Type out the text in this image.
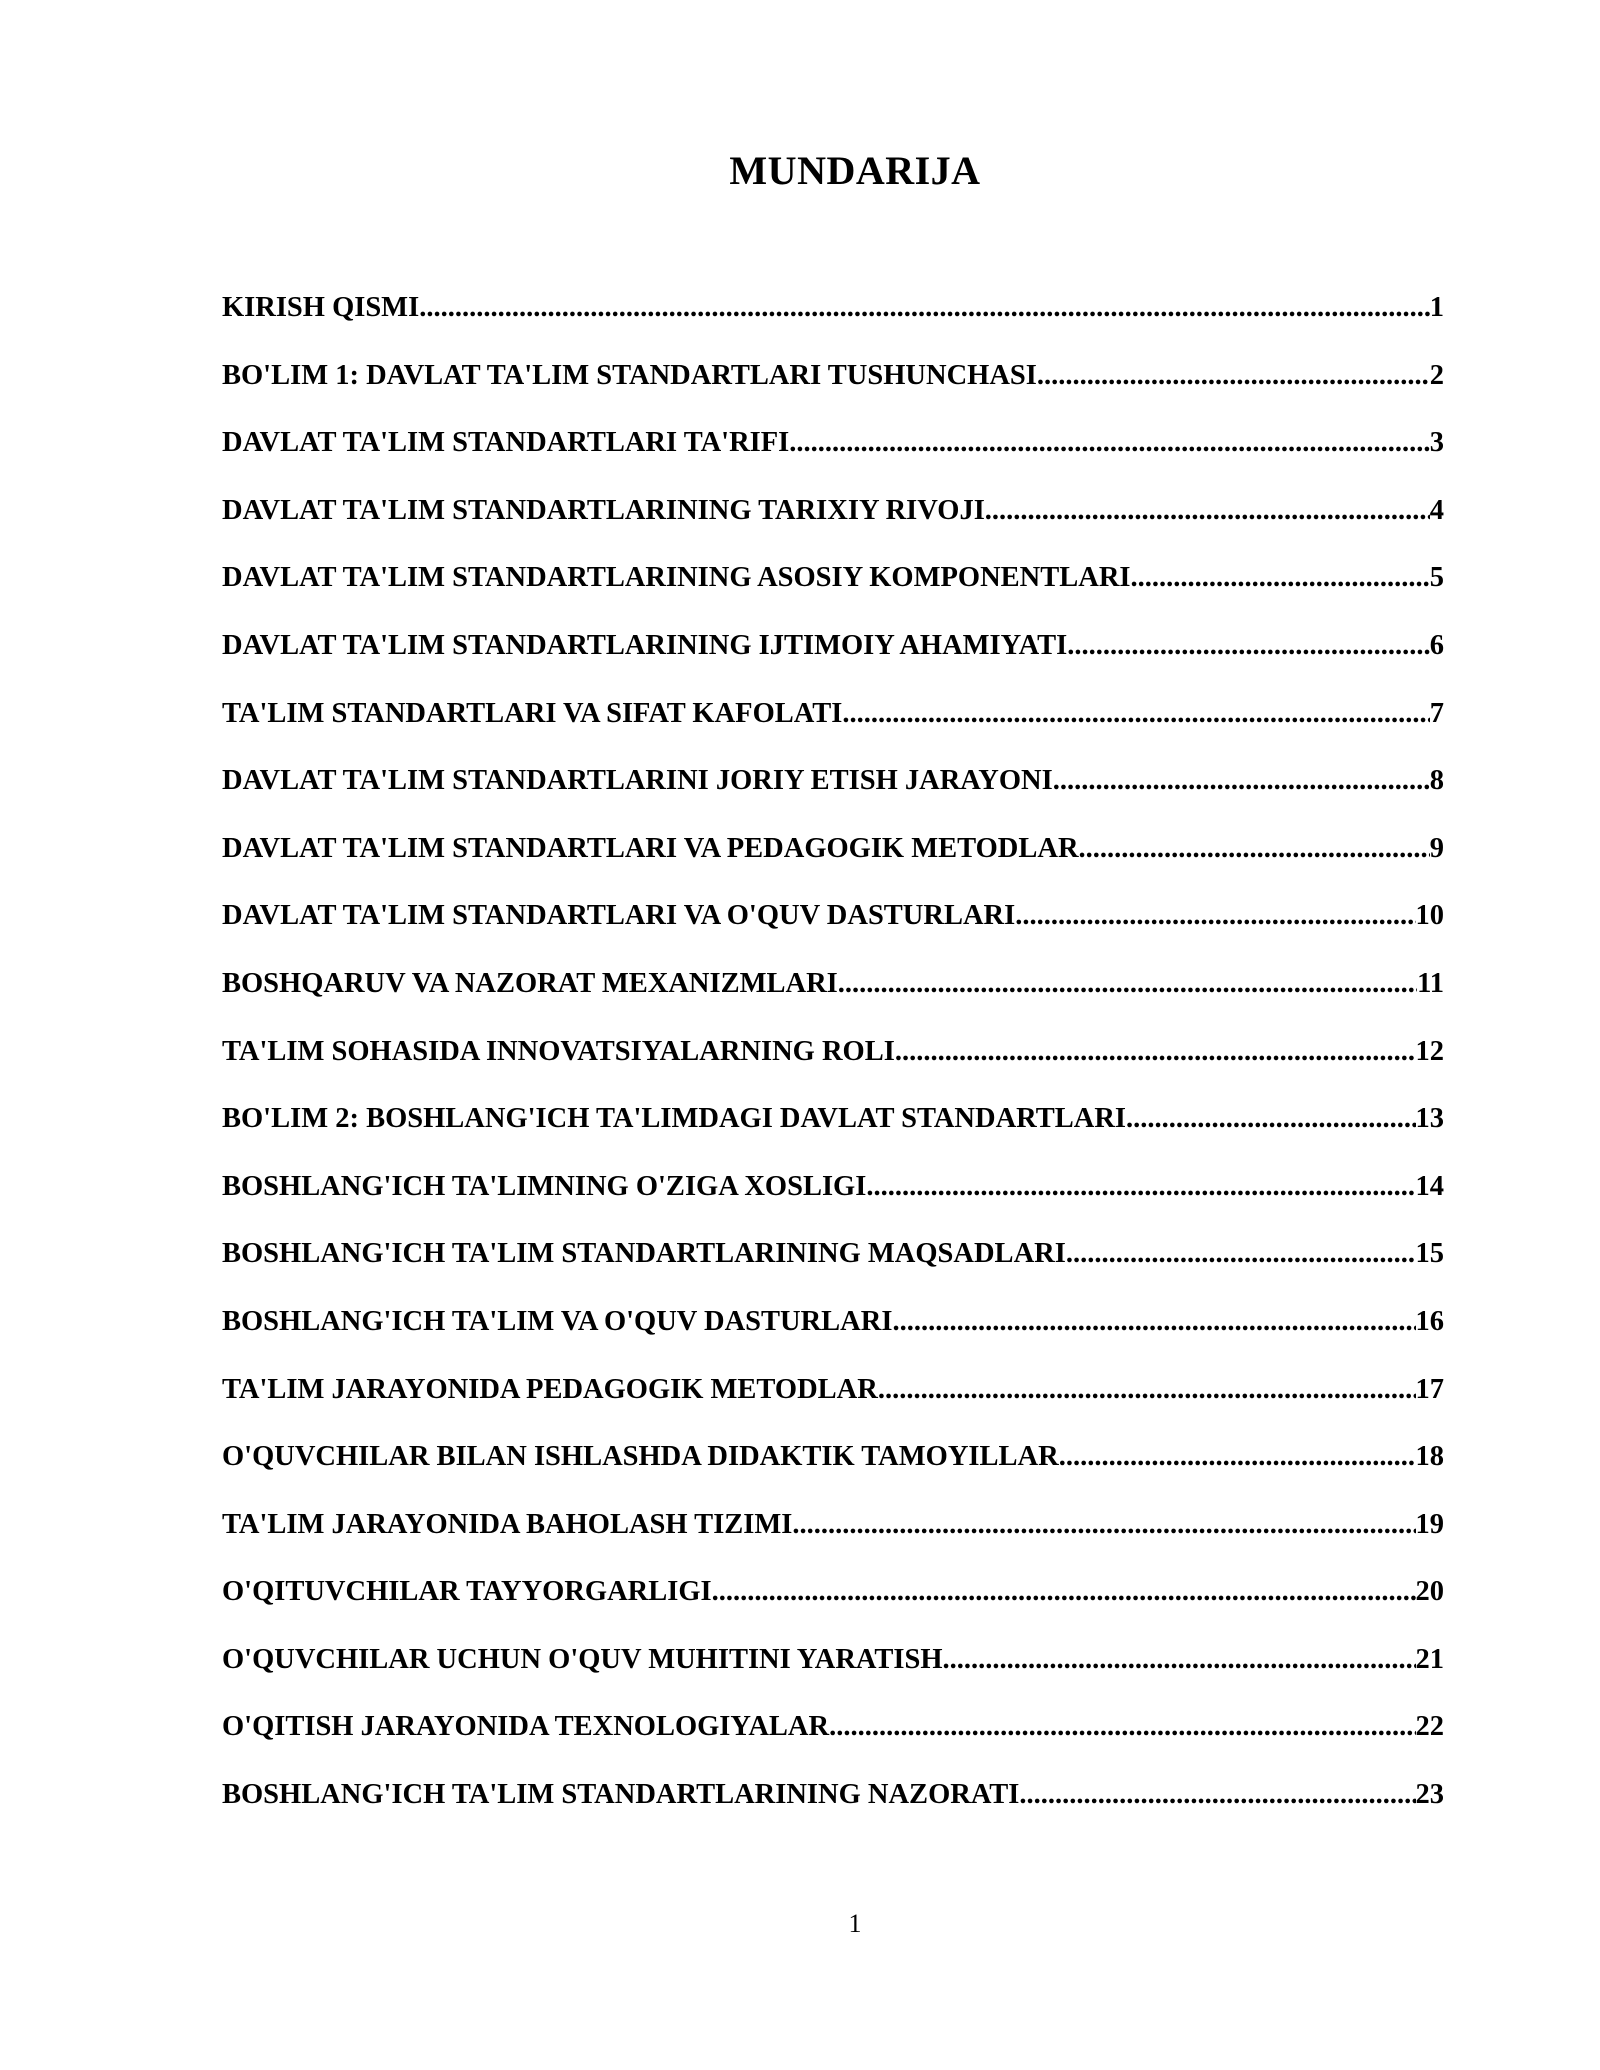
MUNDARIJA
KIRISH QISMI .....	1
BO'LIM 1: DAVLAT TA'LIM STANDARTLARI TUSHUNCHASI .....	2
DAVLAT TA'LIM STANDARTLARI TA'RIFI .....	3
DAVLAT TA'LIM STANDARTLARINING TARIXIY RIVOJI .....	4
DAVLAT TA'LIM STANDARTLARINING ASOSIY KOMPONENTLARI .....	5
DAVLAT TA'LIM STANDARTLARINING IJTIMOIY AHAMIYATI .....	6
TA'LIM STANDARTLARI VA SIFAT KAFOLATI .....	7
DAVLAT TA'LIM STANDARTLARINI JORIY ETISH JARAYONI .....	8
DAVLAT TA'LIM STANDARTLARI VA PEDAGOGIK METODLAR .....	9
DAVLAT TA'LIM STANDARTLARI VA O'QUV DASTURLARI .....	10
BOSHQARUV VA NAZORAT MEXANIZMLARI .....	11
TA'LIM SOHASIDA INNOVATSIYALARNING ROLI .....	12
BO'LIM 2: BOSHLANG'ICH TA'LIMDAGI DAVLAT STANDARTLARI .....	13
BOSHLANG'ICH TA'LIMNING O'ZIGA XOSLIGI .....	14
BOSHLANG'ICH TA'LIM STANDARTLARINING MAQSADLARI .....	15
BOSHLANG'ICH TA'LIM VA O'QUV DASTURLARI .....	16
TA'LIM JARAYONIDA PEDAGOGIK METODLAR .....	17
O'QUVCHILAR BILAN ISHLASHDA DIDAKTIK TAMOYILLAR .....	18
TA'LIM JARAYONIDA BAHOLASH TIZIMI .....	19
O'QITUVCHILAR TAYYORGARLIGI .....	20
O'QUVCHILAR UCHUN O'QUV MUHITINI YARATISH .....	21
O'QITISH JARAYONIDA TEXNOLOGIYALAR .....	22
BOSHLANG'ICH TA'LIM STANDARTLARINING NAZORATI .....	23
1
